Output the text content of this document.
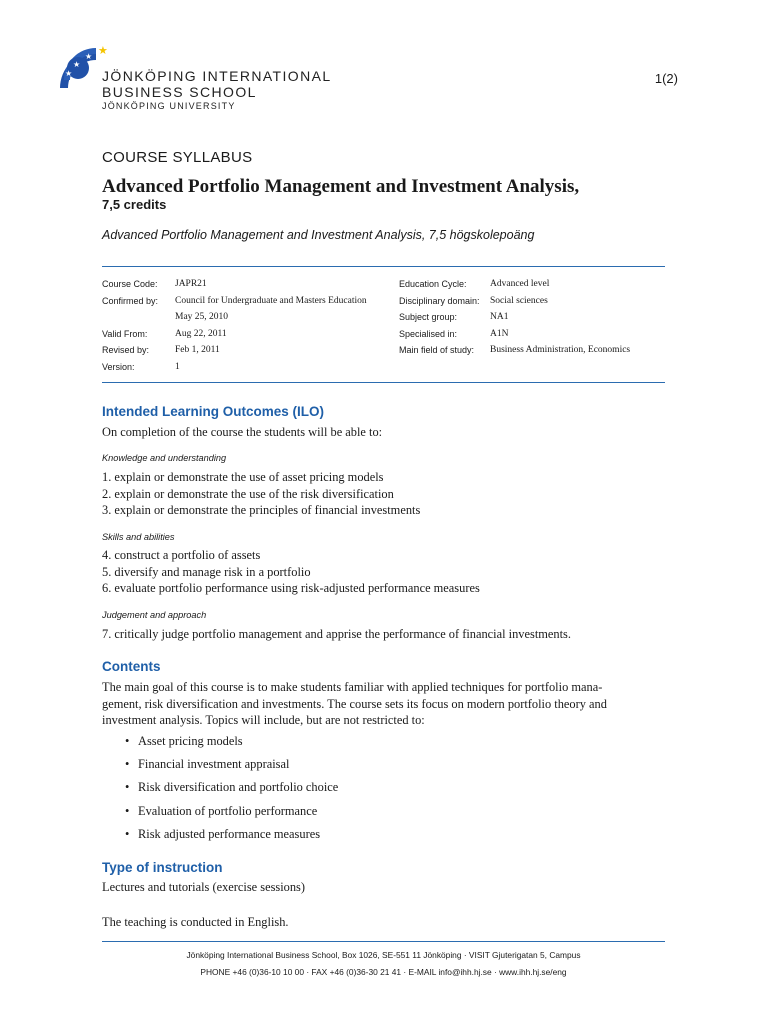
★
★
★ ★
JÖNKÖPING INTERNATIONAL
BUSINESS SCHOOL
JÖNKÖPING UNIVERSITY
1(2)
COURSE SYLLABUS
Advanced Portfolio Management and Investment Analysis,
7,5 credits
Advanced Portfolio Management and Investment Analysis, 7,5 högskolepoäng
Course Code:	JAPR21
Confirmed by:	Council for Undergraduate and Masters Education
May 25, 2010
Valid From:	Aug 22, 2011
Revised by:	Feb 1, 2011
Version:	1
Education Cycle:	Advanced level
Disciplinary domain:	Social sciences
Subject group:	NA1
Specialised in:	A1N
Main field of study:	Business Administration, Economics
Intended Learning Outcomes (ILO)
On completion of the course the students will be able to:
Knowledge and understanding
1. explain or demonstrate the use of asset pricing models
2. explain or demonstrate the use of the risk diversification
3. explain or demonstrate the principles of financial investments
Skills and abilities
4. construct a portfolio of assets
5. diversify and manage risk in a portfolio
6. evaluate portfolio performance using risk-adjusted performance measures
Judgement and approach
7. critically judge portfolio management and apprise the performance of financial investments.
Contents
The main goal of this course is to make students familiar with applied techniques for portfolio mana-
gement, risk diversification and investments. The course sets its focus on modern portfolio theory and
investment analysis. Topics will include, but are not restricted to:
• Asset pricing models
• Financial investment appraisal
• Risk diversification and portfolio choice
• Evaluation of portfolio performance
• Risk adjusted performance measures
Type of instruction
Lectures and tutorials (exercise sessions)
The teaching is conducted in English.
Jönköping International Business School, Box 1026, SE-551 11 Jönköping · VISIT Gjuterigatan 5, Campus
PHONE +46 (0)36-10 10 00 · FAX +46 (0)36-30 21 41 · E-MAIL info@ihh.hj.se · www.ihh.hj.se/eng
